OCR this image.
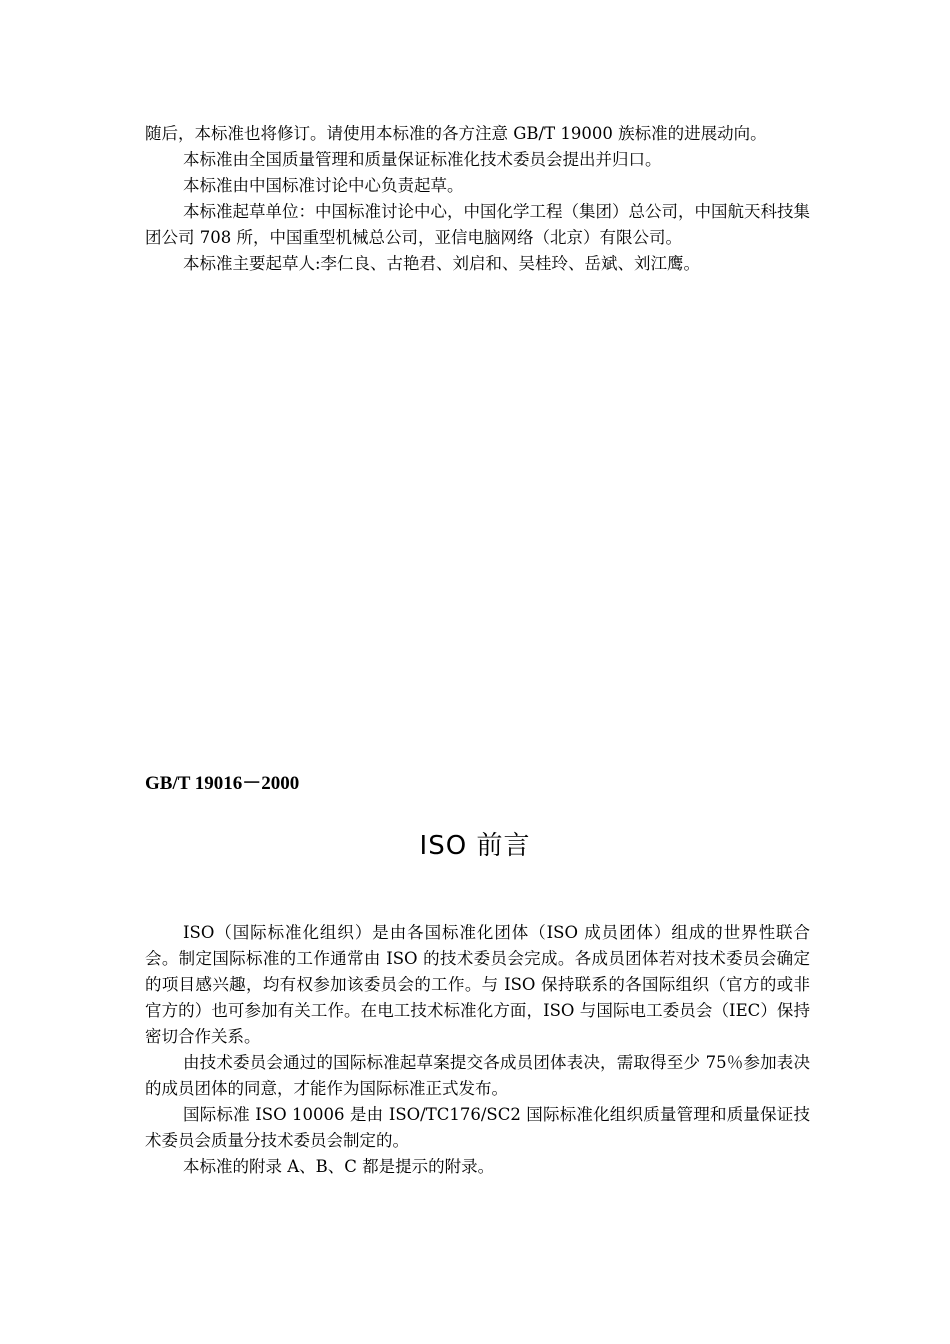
随后，本标准也将修订。请使用本标准的各方注意 GB/T 19000 族标准的进展动向。

本标准由全国质量管理和质量保证标准化技术委员会提出并归口。

本标准由中国标准讨论中心负责起草。

本标准起草单位：中国标准讨论中心，中国化学工程（集团）总公司，中国航天科技集团公司 708 所，中国重型机械总公司，亚信电脑网络（北京）有限公司。

本标准主要起草人:李仁良、古艳君、刘启和、吴桂玲、岳斌、刘江鹰。

GB/T 19016－2000
ISO 前言

ISO（国际标准化组织）是由各国标准化团体（ISO 成员团体）组成的世界性联合会。制定国际标准的工作通常由 ISO 的技术委员会完成。各成员团体若对技术委员会确定的项目感兴趣，均有权参加该委员会的工作。与 ISO 保持联系的各国际组织（官方的或非官方的）也可参加有关工作。在电工技术标准化方面，ISO 与国际电工委员会（IEC）保持密切合作关系。

由技术委员会通过的国际标准起草案提交各成员团体表决，需取得至少 75％参加表决的成员团体的同意，才能作为国际标准正式发布。

国际标准 ISO 10006 是由 ISO/TC176/SC2 国际标准化组织质量管理和质量保证技术委员会质量分技术委员会制定的。

本标准的附录 A、B、C 都是提示的附录。
